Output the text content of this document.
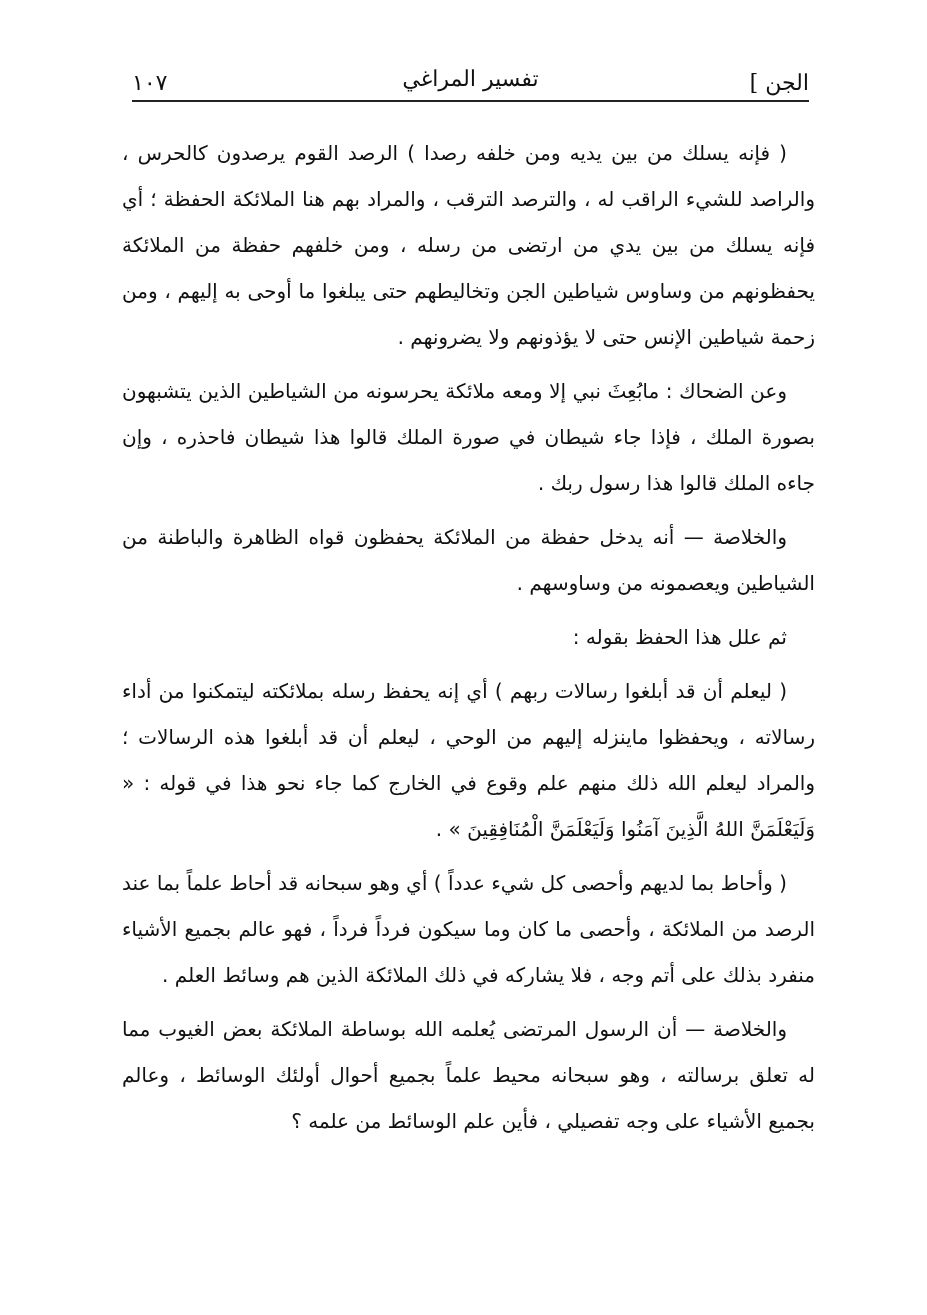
الجن ]
تفسير المراغي
١٠٧

( فإنه يسلك من بين يديه ومن خلفه رصدا ) الرصد القوم يرصدون كالحرس ، والراصد للشيء الراقب له ، والترصد الترقب ، والمراد بهم هنا الملائكة الحفظة ؛ أي فإنه يسلك من بين يدي من ارتضى من رسله ، ومن خلفهم حفظة من الملائكة يحفظونهم من وساوس شياطين الجن وتخاليطهم حتى يبلغوا ما أوحى به إليهم ، ومن زحمة شياطين الإنس حتى لا يؤذونهم ولا يضرونهم .

وعن الضحاك : مابُعِثَ نبي إلا ومعه ملائكة يحرسونه من الشياطين الذين يتشبهون بصورة الملك ، فإذا جاء شيطان في صورة الملك قالوا هذا شيطان فاحذره ، وإن جاءه الملك قالوا هذا رسول ربك .

والخلاصة — أنه يدخل حفظة من الملائكة يحفظون قواه الظاهرة والباطنة من الشياطين ويعصمونه من وساوسهم .

ثم علل هذا الحفظ بقوله :

( ليعلم أن قد أبلغوا رسالات ربهم ) أي إنه يحفظ رسله بملائكته ليتمكنوا من أداء رسالاته ، ويحفظوا ماينزله إليهم من الوحي ، ليعلم أن قد أبلغوا هذه الرسالات ؛ والمراد ليعلم الله ذلك منهم علم وقوع في الخارج كما جاء نحو هذا في قوله : « وَلَيَعْلَمَنَّ اللهُ الَّذِينَ آمَنُوا وَلَيَعْلَمَنَّ الْمُنَافِقِينَ » .

( وأحاط بما لديهم وأحصى كل شيء عدداً ) أي وهو سبحانه قد أحاط علماً بما عند الرصد من الملائكة ، وأحصى ما كان وما سيكون فرداً فرداً ، فهو عالم بجميع الأشياء منفرد بذلك على أتم وجه ، فلا يشاركه في ذلك الملائكة الذين هم وسائط العلم .

والخلاصة — أن الرسول المرتضى يُعلمه الله بوساطة الملائكة بعض الغيوب مما له تعلق برسالته ، وهو سبحانه محيط علماً بجميع أحوال أولئك الوسائط ، وعالم بجميع الأشياء على وجه تفصيلي ، فأين علم الوسائط من علمه ؟
